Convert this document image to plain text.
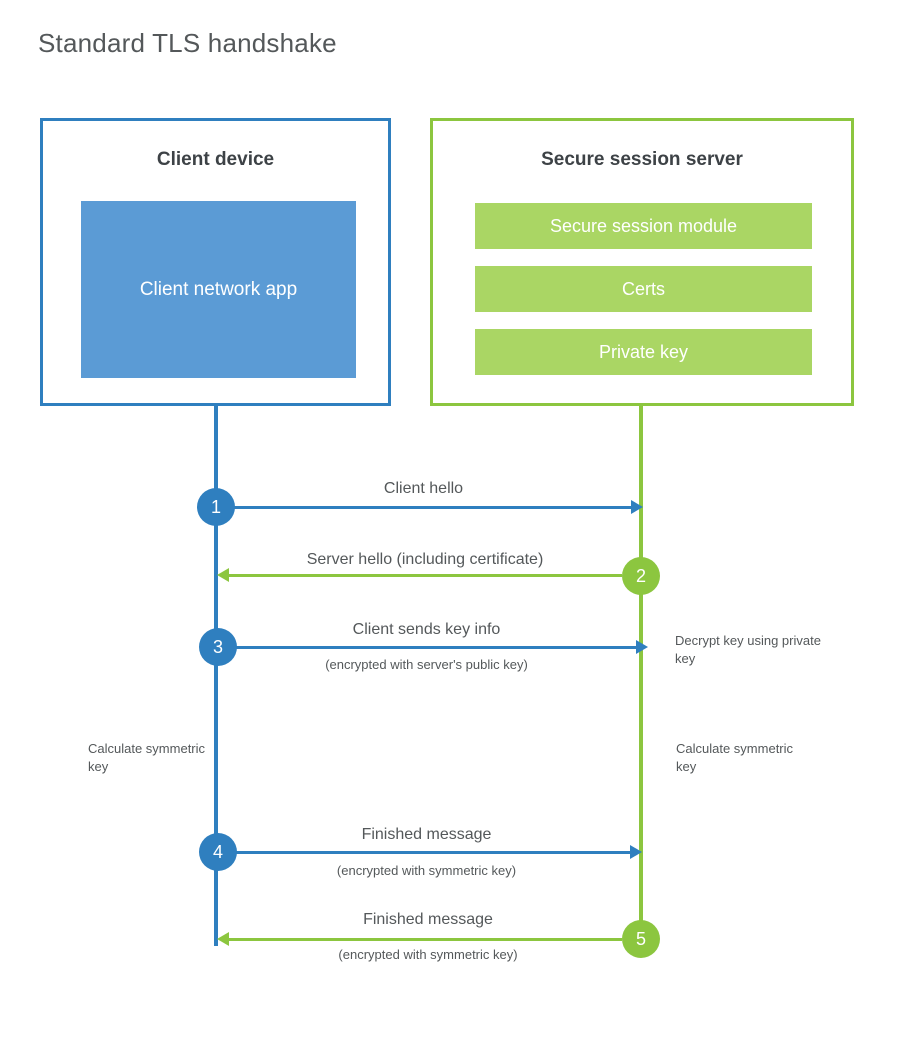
Standard TLS handshake
Client device
Client network app
Secure session server
Secure session module
Certs
Private key
Client hello
Server hello (including certificate)
Client sends key info
(encrypted with server's public key)
Decrypt key using private key
Calculate symmetric key
Calculate symmetric key
Finished message
(encrypted with symmetric key)
Finished message
(encrypted with symmetric key)
1
2
3
4
5
